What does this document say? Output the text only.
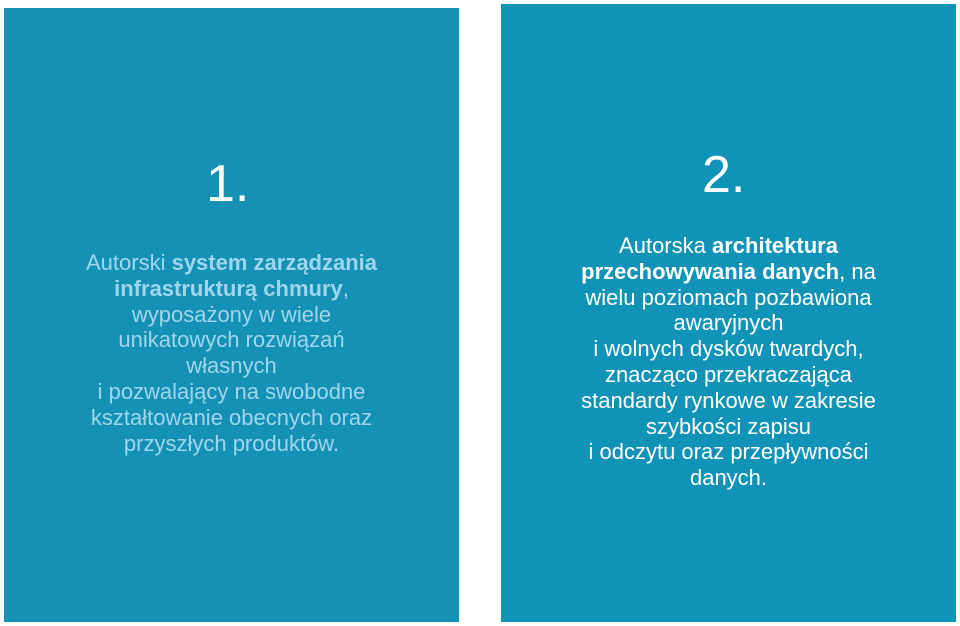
1.
Autorski system zarządzania
infrastrukturą chmury,
wyposażony w wiele
unikatowych rozwiązań
własnych
i pozwalający na swobodne
kształtowanie obecnych oraz
przyszłych produktów.
2.
Autorska architektura
przechowywania danych, na
wielu poziomach pozbawiona
awaryjnych
i wolnych dysków twardych,
znacząco przekraczająca
standardy rynkowe w zakresie
szybkości zapisu
i odczytu oraz przepływności
danych.
